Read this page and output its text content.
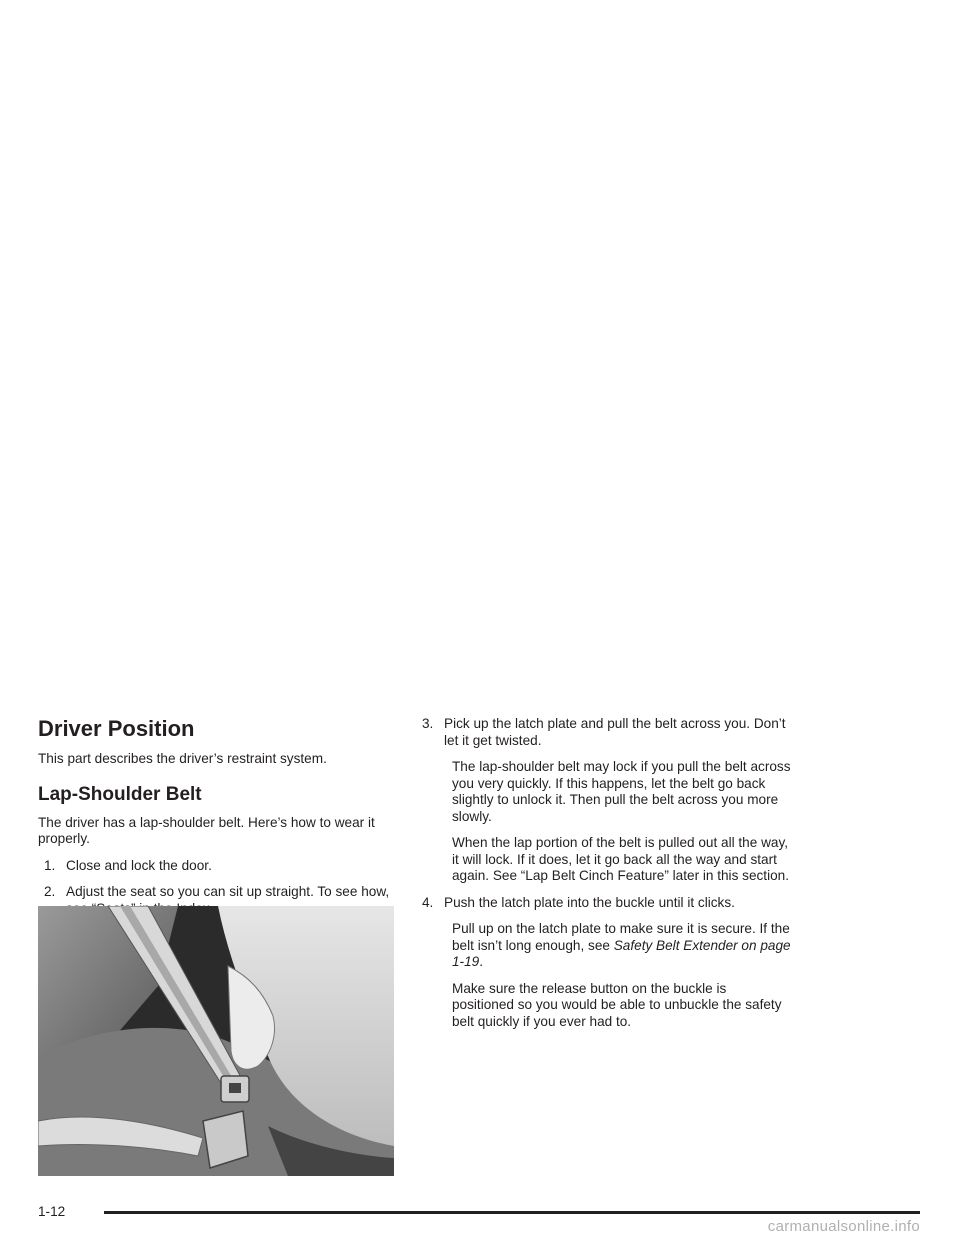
Driver Position

This part describes the driver’s restraint system.

Lap-Shoulder Belt

The driver has a lap-shoulder belt. Here’s how to wear it properly.

1. Close and lock the door.
2. Adjust the seat so you can sit up straight. To see how,
3. Pick up the latch plate and pull the belt across you. Don’t let it get twisted.

The lap-shoulder belt may lock if you pull the belt across you very quickly. If this happens, let the belt go back slightly to unlock it. Then pull the belt across you more slowly.

When the lap portion of the belt is pulled out all the way, it will lock. If it does, let it go back all the way and start again. See “Lap Belt Cinch Feature” later in this section.

4. Push the latch plate into the buckle until it clicks.

Pull up on the latch plate to make sure it is secure. If the belt isn’t long enough, see Safety Belt Extender on page 1-19.

Make sure the release button on the buckle is positioned so you would be able to unbuckle the safety belt quickly if you ever had to.

1-12
carmanualsonline.info
